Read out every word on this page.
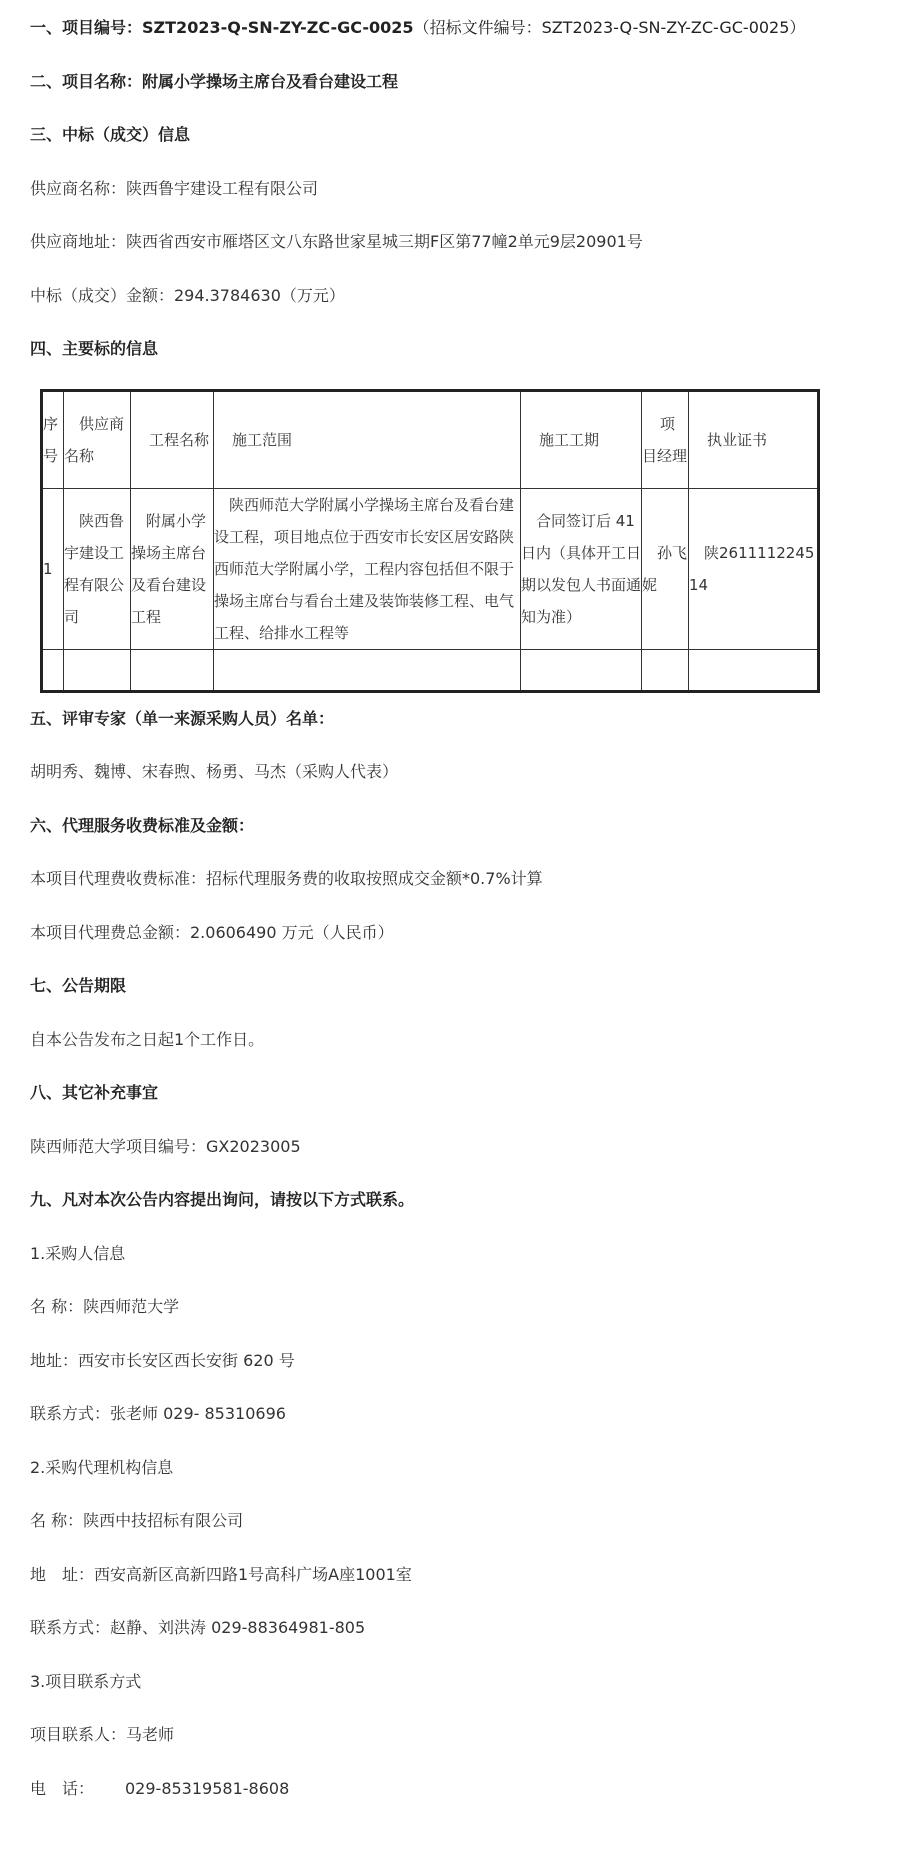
一、项目编号：SZT2023-Q-SN-ZY-ZC-GC-0025（招标文件编号：SZT2023-Q-SN-ZY-ZC-GC-0025）
二、项目名称：附属小学操场主席台及看台建设工程
三、中标（成交）信息
供应商名称：陕西鲁宇建设工程有限公司
供应商地址：陕西省西安市雁塔区文八东路世家星城三期F区第77幢2单元9层20901号
中标（成交）金额：294.3784630（万元）
四、主要标的信息
序号	供应商名称	工程名称	施工范围	施工工期	项目经理	执业证书
1	陕西鲁宇建设工程有限公司	附属小学操场主席台及看台建设工程	陕西师范大学附属小学操场主席台及看台建设工程，项目地点位于西安市长安区居安路陕西师范大学附属小学，工程内容包括但不限于操场主席台与看台土建及装饰装修工程、电气工程、给排水工程等	合同签订后 41日内（具体开工日期以发包人书面通知为准）	孙飞妮	陕261111224514

五、评审专家（单一来源采购人员）名单：
胡明秀、魏博、宋春煦、杨勇、马杰（采购人代表）
六、代理服务收费标准及金额：
本项目代理费收费标准：招标代理服务费的收取按照成交金额*0.7%计算
本项目代理费总金额：2.0606490 万元（人民币）
七、公告期限
自本公告发布之日起1个工作日。
八、其它补充事宜
陕西师范大学项目编号：GX2023005
九、凡对本次公告内容提出询问，请按以下方式联系。
1.采购人信息
名 称：陕西师范大学
地址：西安市长安区西长安街 620 号
联系方式：张老师 029- 85310696
2.采购代理机构信息
名 称：陕西中技招标有限公司
地　址：西安高新区高新四路1号高科广场A座1001室
联系方式：赵静、刘洪涛 029-88364981-805
3.项目联系方式
项目联系人：马老师
电　话： 029-85319581-8608
